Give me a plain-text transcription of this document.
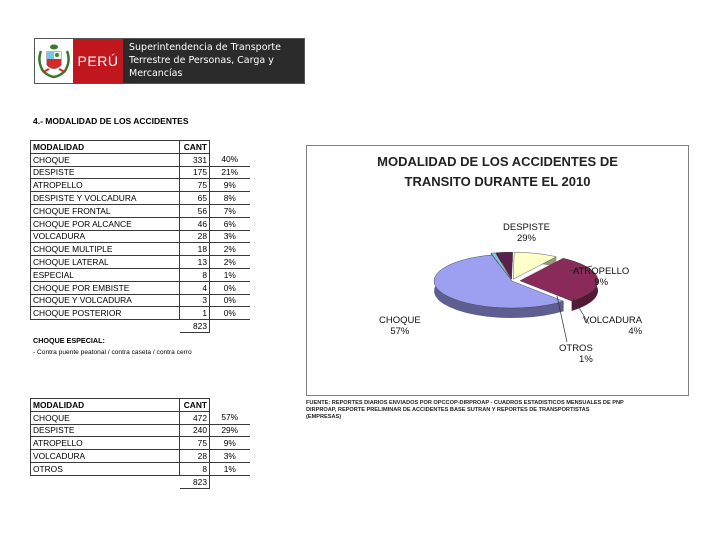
PERÚ
Superintendencia de Transporte
Terrestre de Personas, Carga y
Mercancías
4.- MODALIDAD DE LOS ACCIDENTES
MODALIDAD	CANT	
CHOQUE	331	40%
DESPISTE	175	21%
ATROPELLO	75	9%
DESPISTE Y VOLCADURA	65	8%
CHOQUE FRONTAL	56	7%
CHOQUE POR ALCANCE	46	6%
VOLCADURA	28	3%
CHOQUE MULTIPLE	18	2%
CHOQUE LATERAL	13	2%
ESPECIAL	8	1%
CHOQUE POR EMBISTE	4	0%
CHOQUE Y VOLCADURA	3	0%
CHOQUE POSTERIOR	1	0%
	823	
CHOQUE ESPECIAL:
- Contra puente peatonal / contra caseta / contra cerro
MODALIDAD	CANT	
CHOQUE	472	57%
DESPISTE	240	29%
ATROPELLO	75	9%
VOLCADURA	28	3%
OTROS	8	1%
	823	
MODALIDAD DE LOS ACCIDENTES DE
TRANSITO DURANTE EL 2010
DESPISTE
29%
ATROPELLO
9%
CHOQUE
57%
VOLCADURA
4%
OTROS
1%
FUENTE: REPORTES DIARIOS ENVIADOS POR OPCCOP-DIRPROAP - CUADROS ESTADISTICOS MENSUALES DE PNP DIRPROAP, REPORTE PRELIMINAR DE ACCIDENTES BASE SUTRAN Y REPORTES DE TRANSPORTISTAS (EMPRESAS)
